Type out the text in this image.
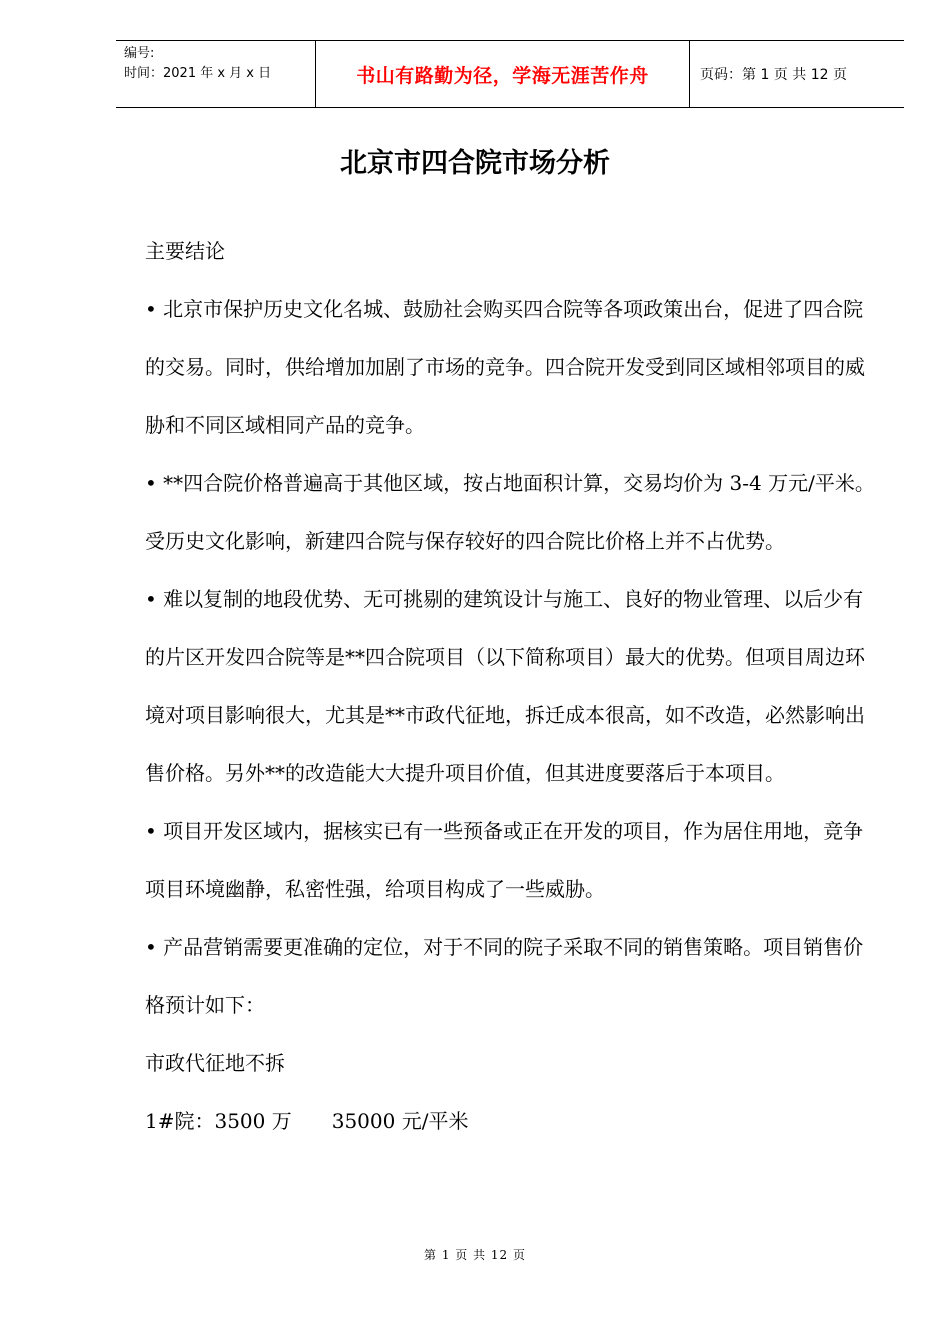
编号:
时间：2021 年 x 月 x 日	书山有路勤为径，学海无涯苦作舟	页码：第 1 页 共 12 页
北京市四合院市场分析

主要结论

• 北京市保护历史文化名城、鼓励社会购买四合院等各项政策出台，促进了四合院的交易。同时，供给增加加剧了市场的竞争。四合院开发受到同区域相邻项目的威胁和不同区域相同产品的竞争。

• **四合院价格普遍高于其他区域，按占地面积计算，交易均价为 3-4 万元/平米。受历史文化影响，新建四合院与保存较好的四合院比价格上并不占优势。

• 难以复制的地段优势、无可挑剔的建筑设计与施工、良好的物业管理、以后少有的片区开发四合院等是**四合院项目（以下简称项目）最大的优势。但项目周边环境对项目影响很大，尤其是**市政代征地，拆迁成本很高，如不改造，必然影响出售价格。另外**的改造能大大提升项目价值，但其进度要落后于本项目。

• 项目开发区域内，据核实已有一些预备或正在开发的项目，作为居住用地，竞争项目环境幽静，私密性强，给项目构成了一些威胁。

• 产品营销需要更准确的定位，对于不同的院子采取不同的销售策略。项目销售价格预计如下：

市政代征地不拆

1#院：3500 万　　35000 元/平米

第 1 页 共 12 页
